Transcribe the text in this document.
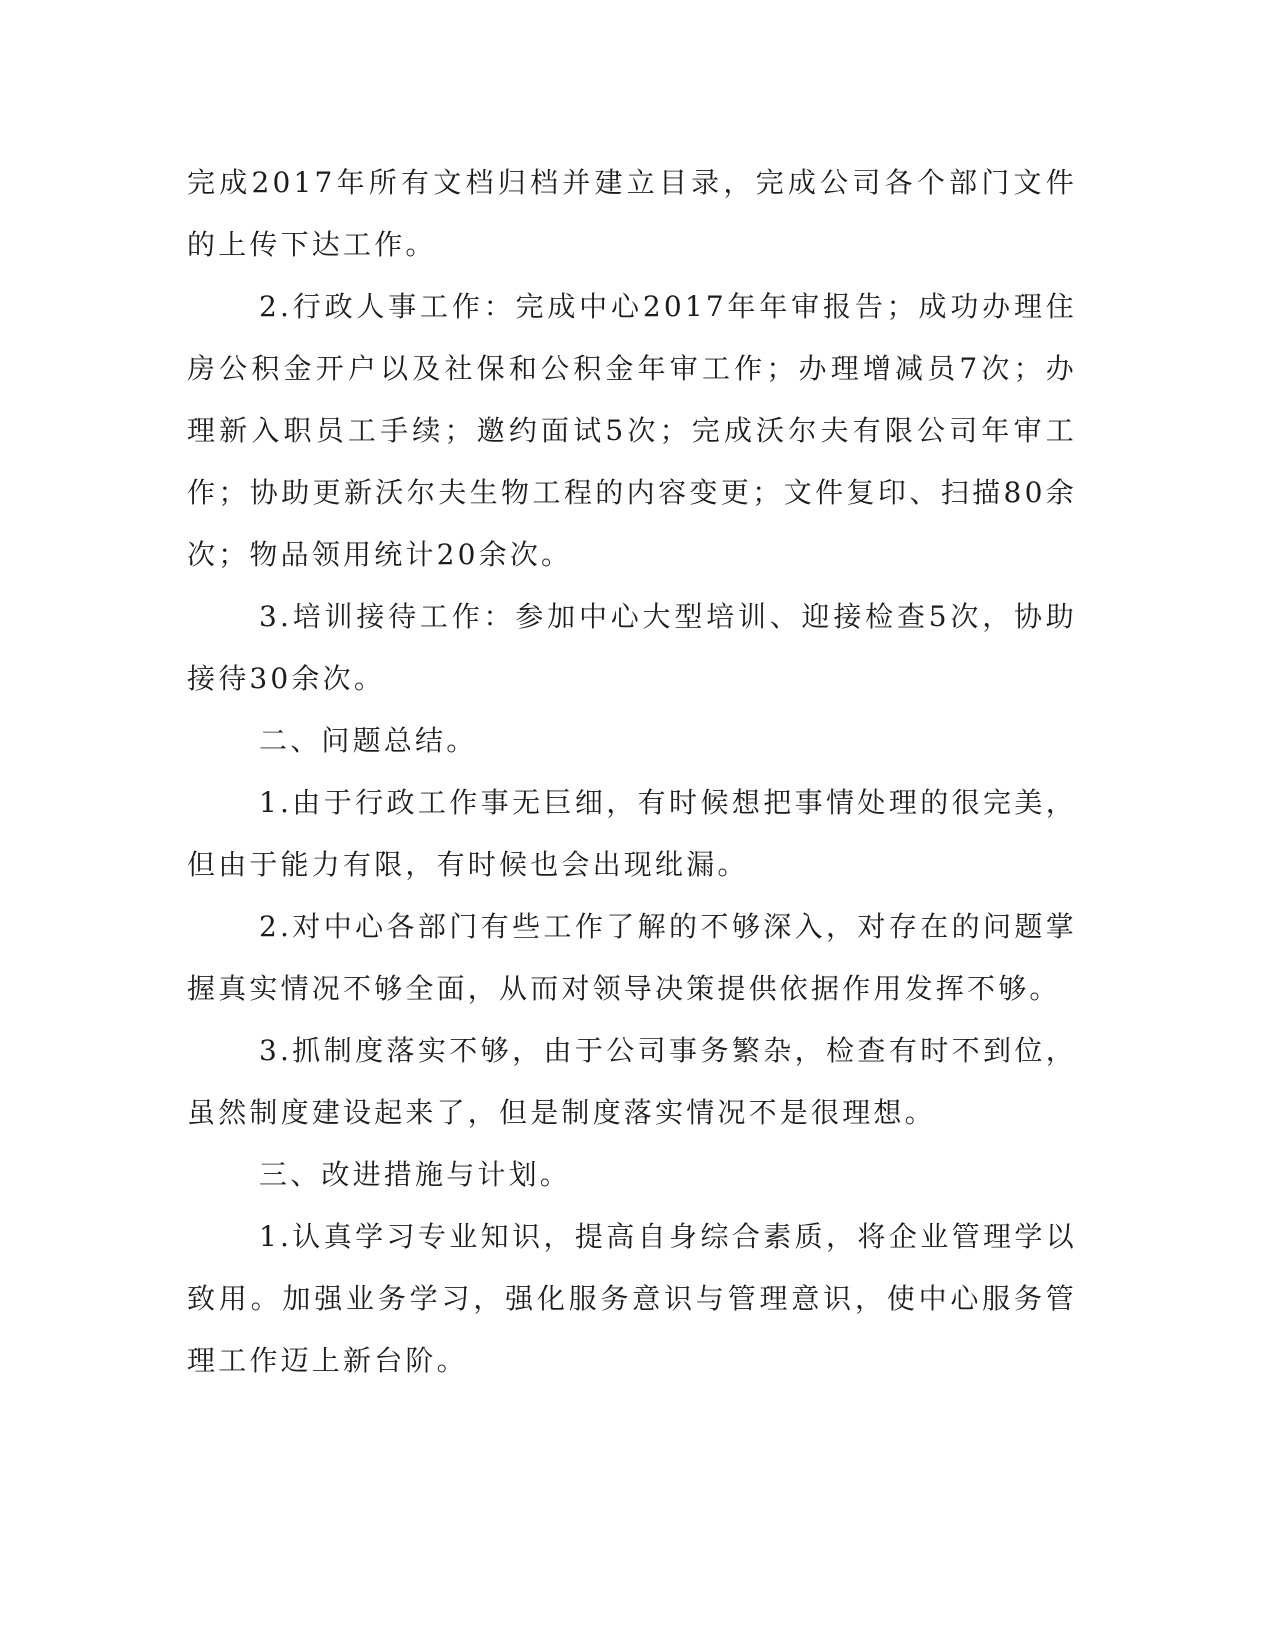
完成2017年所有文档归档并建立目录，完成公司各个部门文件的上传下达工作。

2.行政人事工作：完成中心2017年年审报告；成功办理住房公积金开户以及社保和公积金年审工作；办理增减员7次；办理新入职员工手续；邀约面试5次；完成沃尔夫有限公司年审工作；协助更新沃尔夫生物工程的内容变更；文件复印、扫描80余次；物品领用统计20余次。

3.培训接待工作：参加中心大型培训、迎接检查5次，协助接待30余次。

二、问题总结。

1.由于行政工作事无巨细，有时候想把事情处理的很完美，但由于能力有限，有时候也会出现纰漏。

2.对中心各部门有些工作了解的不够深入，对存在的问题掌握真实情况不够全面，从而对领导决策提供依据作用发挥不够。

3.抓制度落实不够，由于公司事务繁杂，检查有时不到位，虽然制度建设起来了，但是制度落实情况不是很理想。

三、改进措施与计划。

1.认真学习专业知识，提高自身综合素质，将企业管理学以致用。加强业务学习，强化服务意识与管理意识，使中心服务管理工作迈上新台阶。
